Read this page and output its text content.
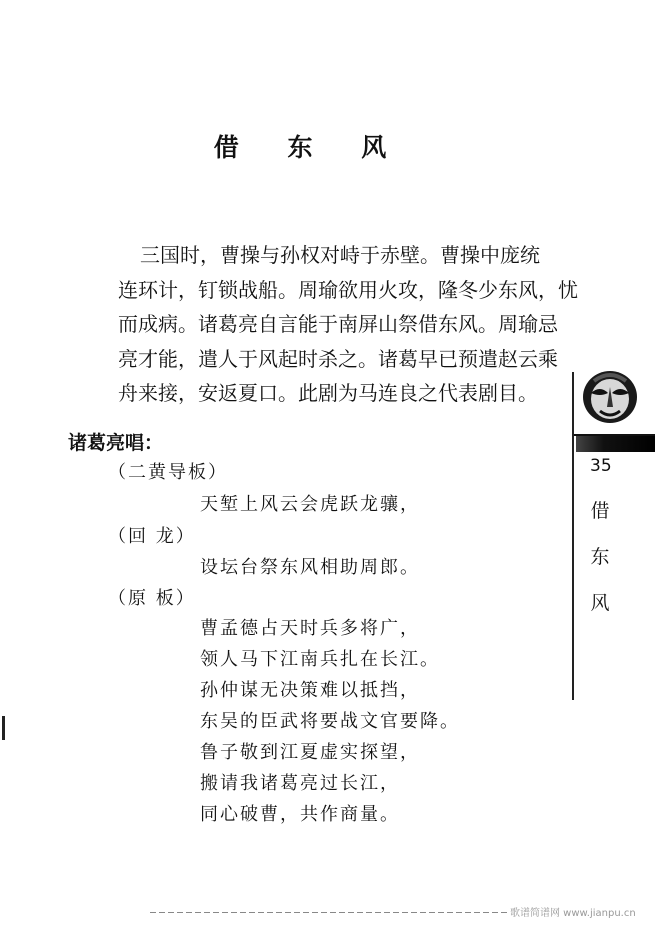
借 东 风
三国时，曹操与孙权对峙于赤壁。曹操中庞统
连环计，钉锁战船。周瑜欲用火攻，隆冬少东风，忧
而成病。诸葛亮自言能于南屏山祭借东风。周瑜忌
亮才能，遣人于风起时杀之。诸葛早已预遣赵云乘
舟来接，安返夏口。此剧为马连良之代表剧目。
诸葛亮唱：
（二黄导板）
天堑上风云会虎跃龙骧，
（回 龙）
设坛台祭东风相助周郎。
（原 板）
曹孟德占天时兵多将广，
领人马下江南兵扎在长江。
孙仲谋无决策难以抵挡，
东吴的臣武将要战文官要降。
鲁子敬到江夏虚实探望，
搬请我诸葛亮过长江，
同心破曹，共作商量。
35
借
东
风
歌谱简谱网 www.jianpu.cn
